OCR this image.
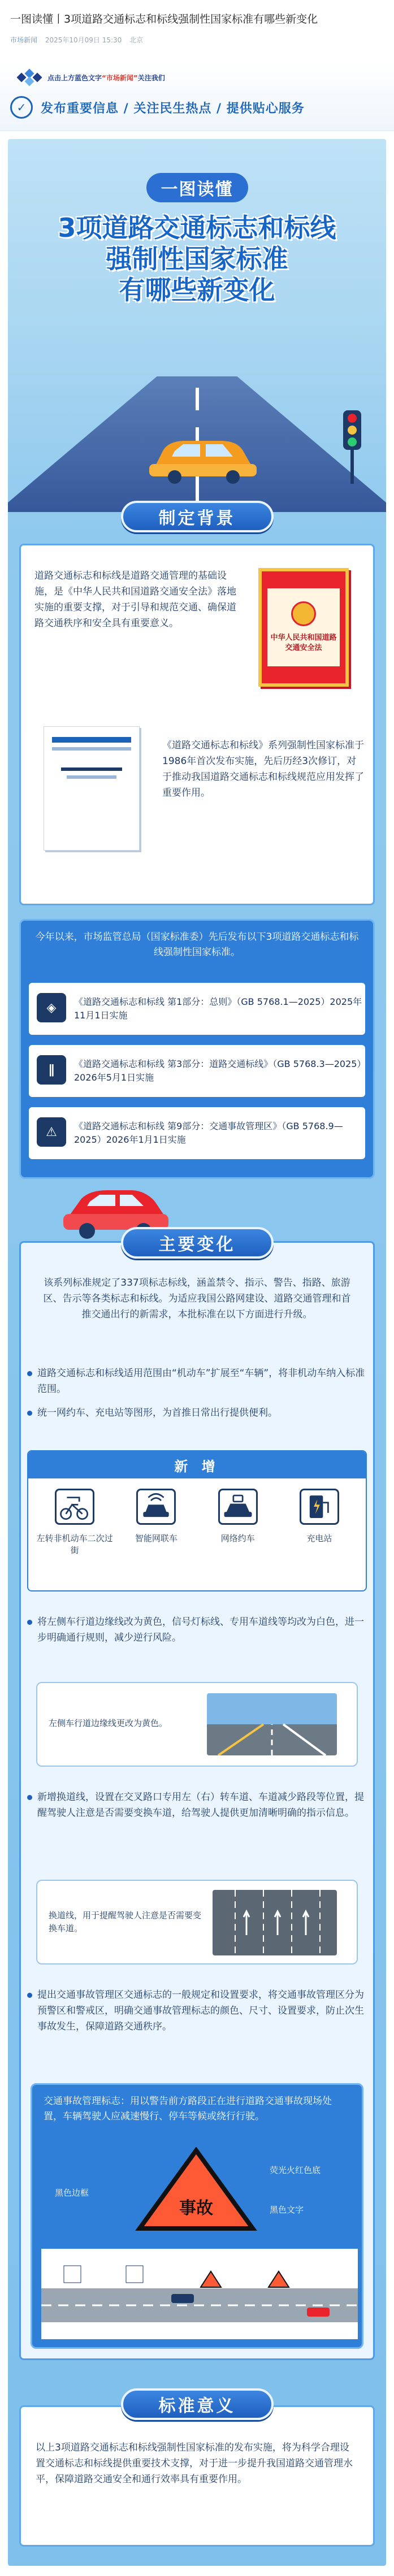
一图读懂丨3项道路交通标志和标线强制性国家标准有哪些新变化
市场新闻 2025年10月09日 15:30 北京
点击上方蓝色文字“市场新闻”关注我们
✓	发布重要信息 / 关注民生热点 / 提供贴心服务
一图读懂
3项道路交通标志和标线
强制性国家标准
有哪些新变化
制定背景
道路交通标志和标线是道路交通管理的基础设施，是《中华人民共和国道路交通安全法》落地实施的重要支撑，对于引导和规范交通、确保道路交通秩序和安全具有重要意义。
中华人民共和国道路交通安全法
《道路交通标志和标线》系列强制性国家标准于1986年首次发布实施，先后历经3次修订，对于推动我国道路交通标志和标线规范应用发挥了重要作用。
今年以来，市场监管总局（国家标准委）先后发布以下3项道路交通标志和标线强制性国家标准。
◈	《道路交通标志和标线 第1部分：总则》（GB 5768.1—2025）2025年11月1日实施
∥	《道路交通标志和标线 第3部分：道路交通标线》（GB 5768.3—2025）2026年5月1日实施
⚠	《道路交通标志和标线 第9部分：交通事故管理区》（GB 5768.9—2025）2026年1月1日实施
主要变化
该系列标准规定了337项标志标线，涵盖禁令、指示、警告、指路、旅游区、告示等各类标志和标线。为适应我国公路网建设、道路交通管理和首推交通出行的新需求，本批标准在以下方面进行升级。
道路交通标志和标线适用范围由“机动车”扩展至“车辆”，将非机动车纳入标准范围。
统一网约车、充电站等图形，为首推日常出行提供便利。
新 增
左转非机动车二次过街
智能网联车	网络约车	充电站
将左侧车行道边缘线改为黄色，信号灯标线、专用车道线等均改为白色，进一步明确通行规则，减少逆行风险。
左侧车行道边缘线更改为黄色。
新增换道线，设置在交叉路口专用左（右）转车道、车道减少路段等位置，提醒驾驶人注意是否需要变换车道，给驾驶人提供更加清晰明确的指示信息。
换道线，用于提醒驾驶人注意是否需要变换车道。
提出交通事故管理区交通标志的一般规定和设置要求，将交通事故管理区分为预警区和警戒区，明确交通事故管理标志的颜色、尺寸、设置要求，防止次生事故发生，保障道路交通秩序。
交通事故管理标志：用以警告前方路段正在进行道路交通事故现场处置，车辆驾驶人应减速慢行、停车等候或绕行行驶。
事故
黑色边框
荧光火红色底
黑色文字
以上3项道路交通标志和标线强制性国家标准的发布实施，将为科学合理设置交通标志和标线提供重要技术支撑，对于进一步提升我国道路交通管理水平，保障道路交通安全和通行效率具有重要作用。
标准意义
